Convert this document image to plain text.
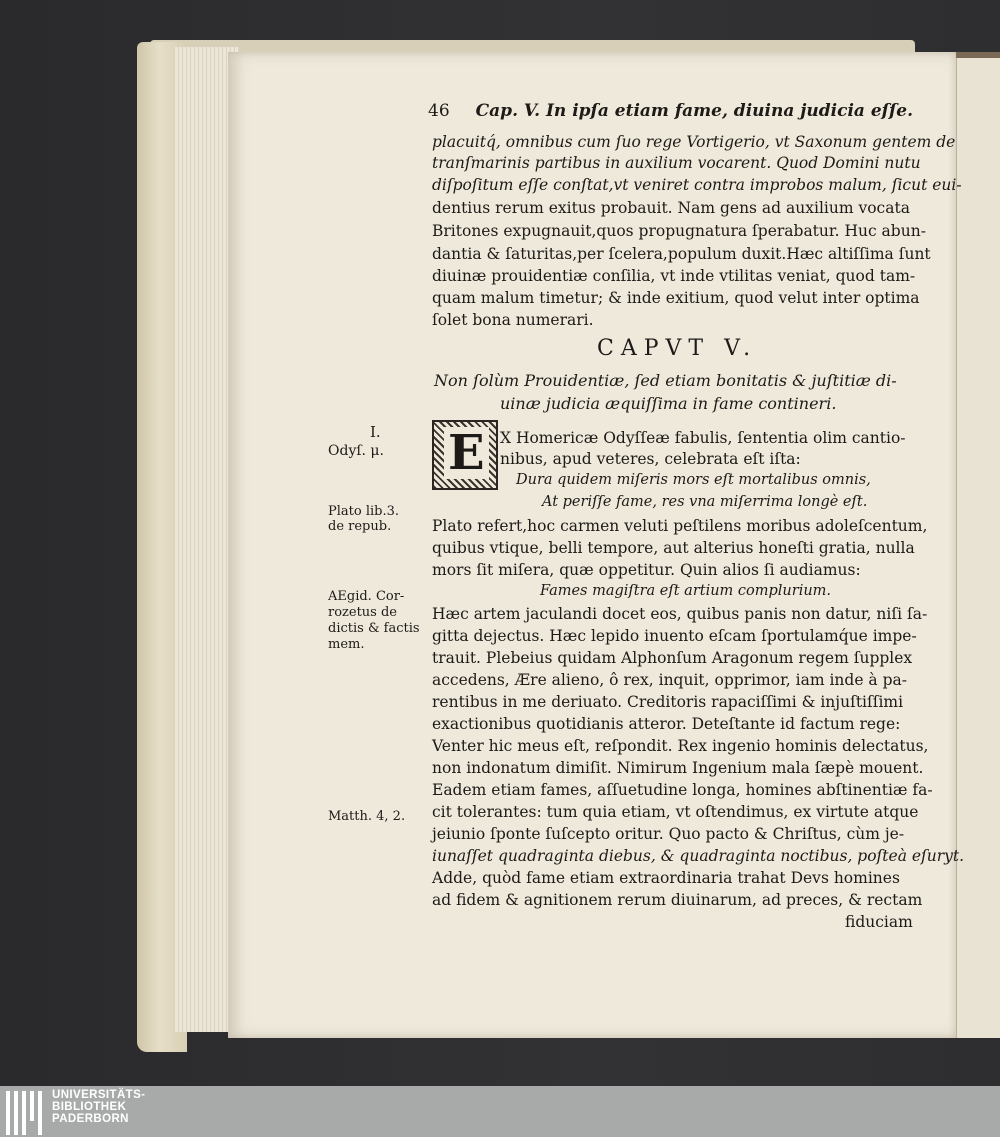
46 Cap. V. In ipſa etiam fame, diuina judicia eſſe.
placuitq́, omnibus cum ſuo rege Vortigerio, vt Saxonum gentem de
tranſmarinis partibus in auxilium vocarent. Quod Domini nutu
diſpoſitum eſſe conſtat,vt veniret contra improbos malum, ſicut eui-
dentius rerum exitus probauit. Nam gens ad auxilium vocata
Britones expugnauit,quos propugnatura ſperabatur. Huc abun-
dantia & ſaturitas,per ſcelera,populum duxit.Hæc altiſſima ſunt
diuinæ prouidentiæ conſilia, vt inde vtilitas veniat, quod tam-
quam malum timetur; & inde exitium, quod velut inter optima
ſolet bona numerari.
CAPVT V.
Non ſolùm Prouidentiæ, ſed etiam bonitatis & juſtitiæ di-
uinæ judicia æquiſſima in fame contineri.
I.
Odyſ. μ.
Plato lib.3.
de repub.
AEgid. Cor-
rozetus de
dictis & factis
mem.
Matth. 4, 2.
E X Homericæ Odyſſeæ fabulis, ſententia olim cantio-
nibus, apud veteres, celebrata eſt iſta:
Dura quidem miſeris mors eſt mortalibus omnis,
At periſſe fame, res vna miſerrima longè eſt.
Plato refert,hoc carmen veluti peſtilens moribus adoleſcentum,
quibus vtique, belli tempore, aut alterius honeſti gratia, nulla
mors ſit miſera, quæ oppetitur. Quin alios ſi audiamus:
Fames magiſtra eſt artium complurium.
Hæc artem jaculandi docet eos, quibus panis non datur, niſi ſa-
gitta dejectus. Hæc lepido inuento eſcam ſportulamq́ue impe-
trauit. Plebeius quidam Alphonſum Aragonum regem ſupplex
accedens, Ære alieno, ô rex, inquit, opprimor, iam inde à pa-
rentibus in me deriuato. Creditoris rapaciſſimi & injuſtiſſimi
exactionibus quotidianis atteror. Deteſtante id factum rege:
Venter hic meus eſt, reſpondit. Rex ingenio hominis delectatus,
non indonatum dimiſit. Nimirum Ingenium mala ſæpè mouent.
Eadem etiam fames, aſſuetudine longa, homines abſtinentiæ fa-
cit tolerantes: tum quia etiam, vt oſtendimus, ex virtute atque
jeiunio ſponte ſuſcepto oritur. Quo pacto & Chriſtus, cùm je-
iunaſſet quadraginta diebus, & quadraginta noctibus, poſteà eſuryt.
Adde, quòd fame etiam extraordinaria trahat Devs homines
ad fidem & agnitionem rerum diuinarum, ad preces, & rectam
fiduciam
UNIVERSITÄTS-
BIBLIOTHEK
PADERBORN
